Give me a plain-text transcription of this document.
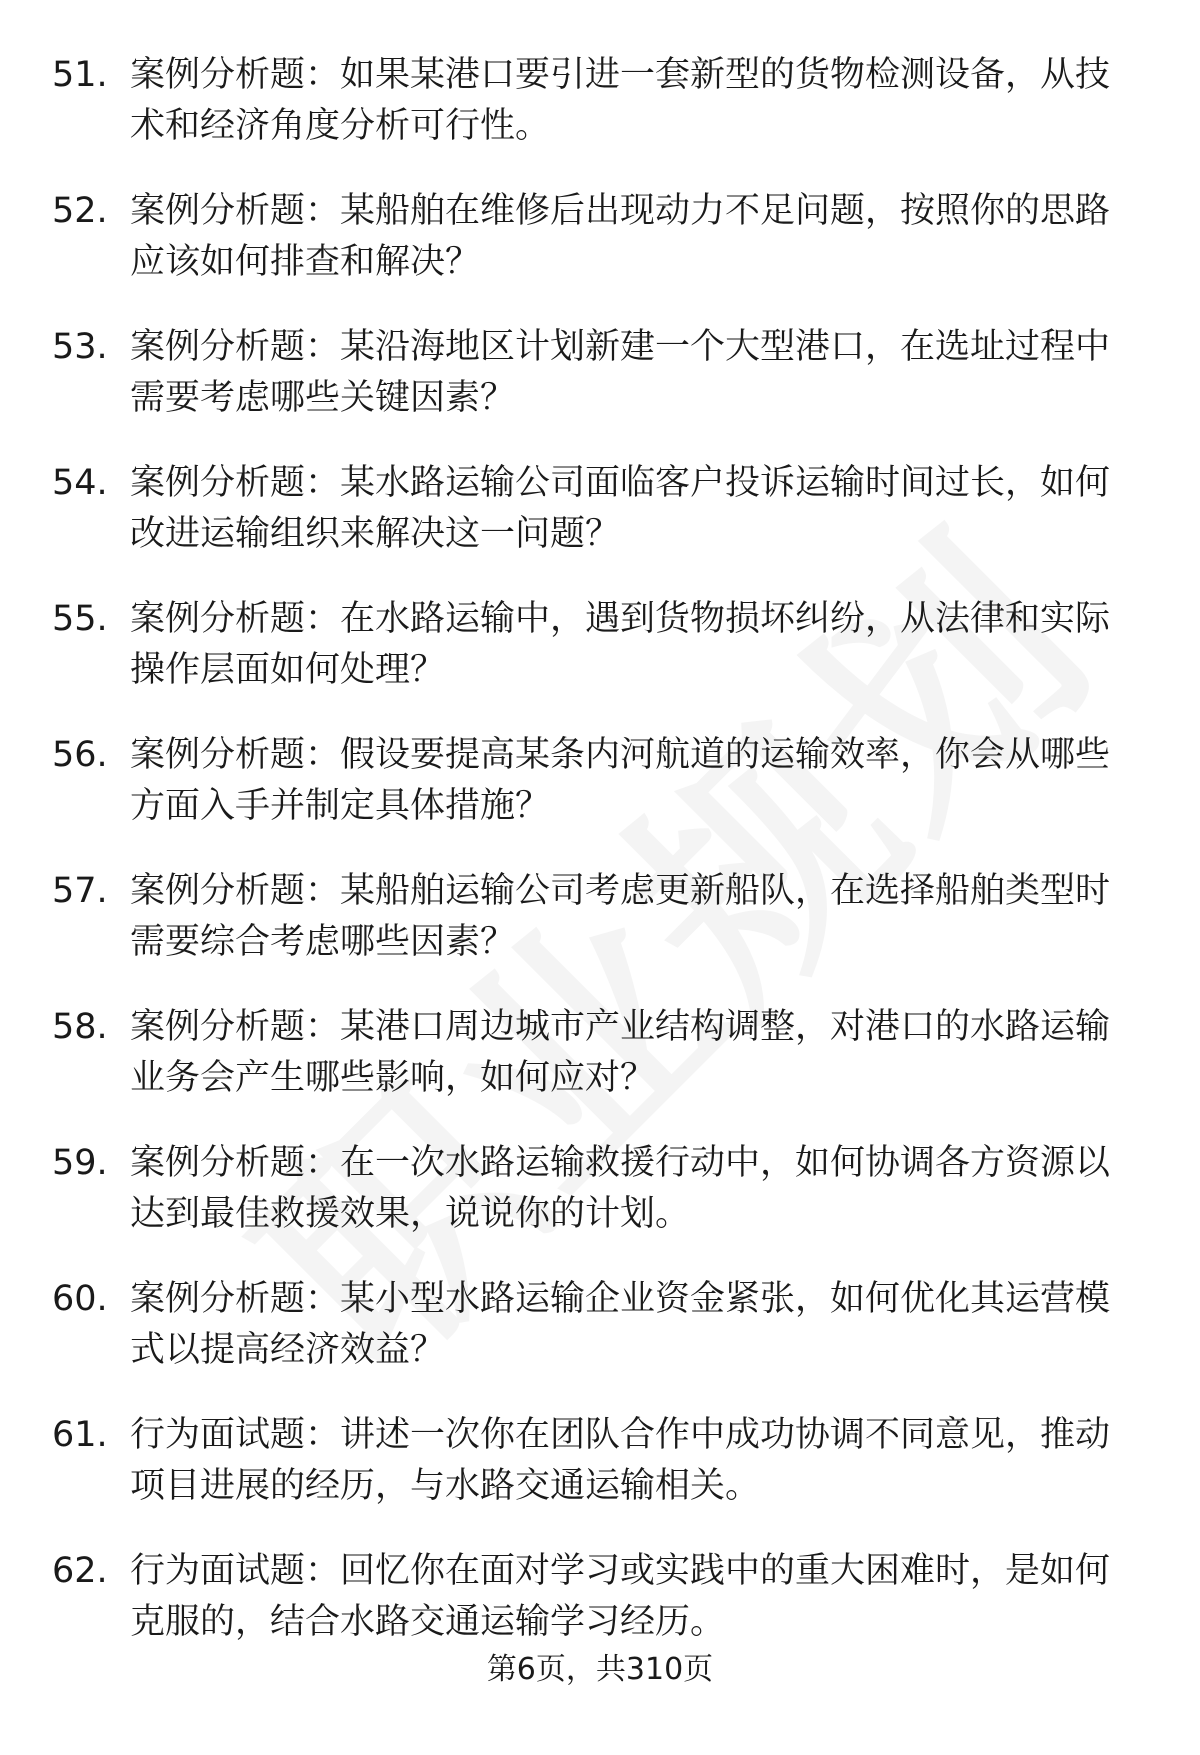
51. 案例分析题：如果某港口要引进一套新型的货物检测设备，从技术和经济角度分析可行性。
52. 案例分析题：某船舶在维修后出现动力不足问题，按照你的思路应该如何排查和解决？
53. 案例分析题：某沿海地区计划新建一个大型港口，在选址过程中需要考虑哪些关键因素？
54. 案例分析题：某水路运输公司面临客户投诉运输时间过长，如何改进运输组织来解决这一问题？
55. 案例分析题：在水路运输中，遇到货物损坏纠纷，从法律和实际操作层面如何处理？
56. 案例分析题：假设要提高某条内河航道的运输效率，你会从哪些方面入手并制定具体措施？
57. 案例分析题：某船舶运输公司考虑更新船队，在选择船舶类型时需要综合考虑哪些因素？
58. 案例分析题：某港口周边城市产业结构调整，对港口的水路运输业务会产生哪些影响，如何应对？
59. 案例分析题：在一次水路运输救援行动中，如何协调各方资源以达到最佳救援效果，说说你的计划。
60. 案例分析题：某小型水路运输企业资金紧张，如何优化其运营模式以提高经济效益？
61. 行为面试题：讲述一次你在团队合作中成功协调不同意见，推动项目进展的经历，与水路交通运输相关。
62. 行为面试题：回忆你在面对学习或实践中的重大困难时，是如何克服的，结合水路交通运输学习经历。
第6页，共310页
